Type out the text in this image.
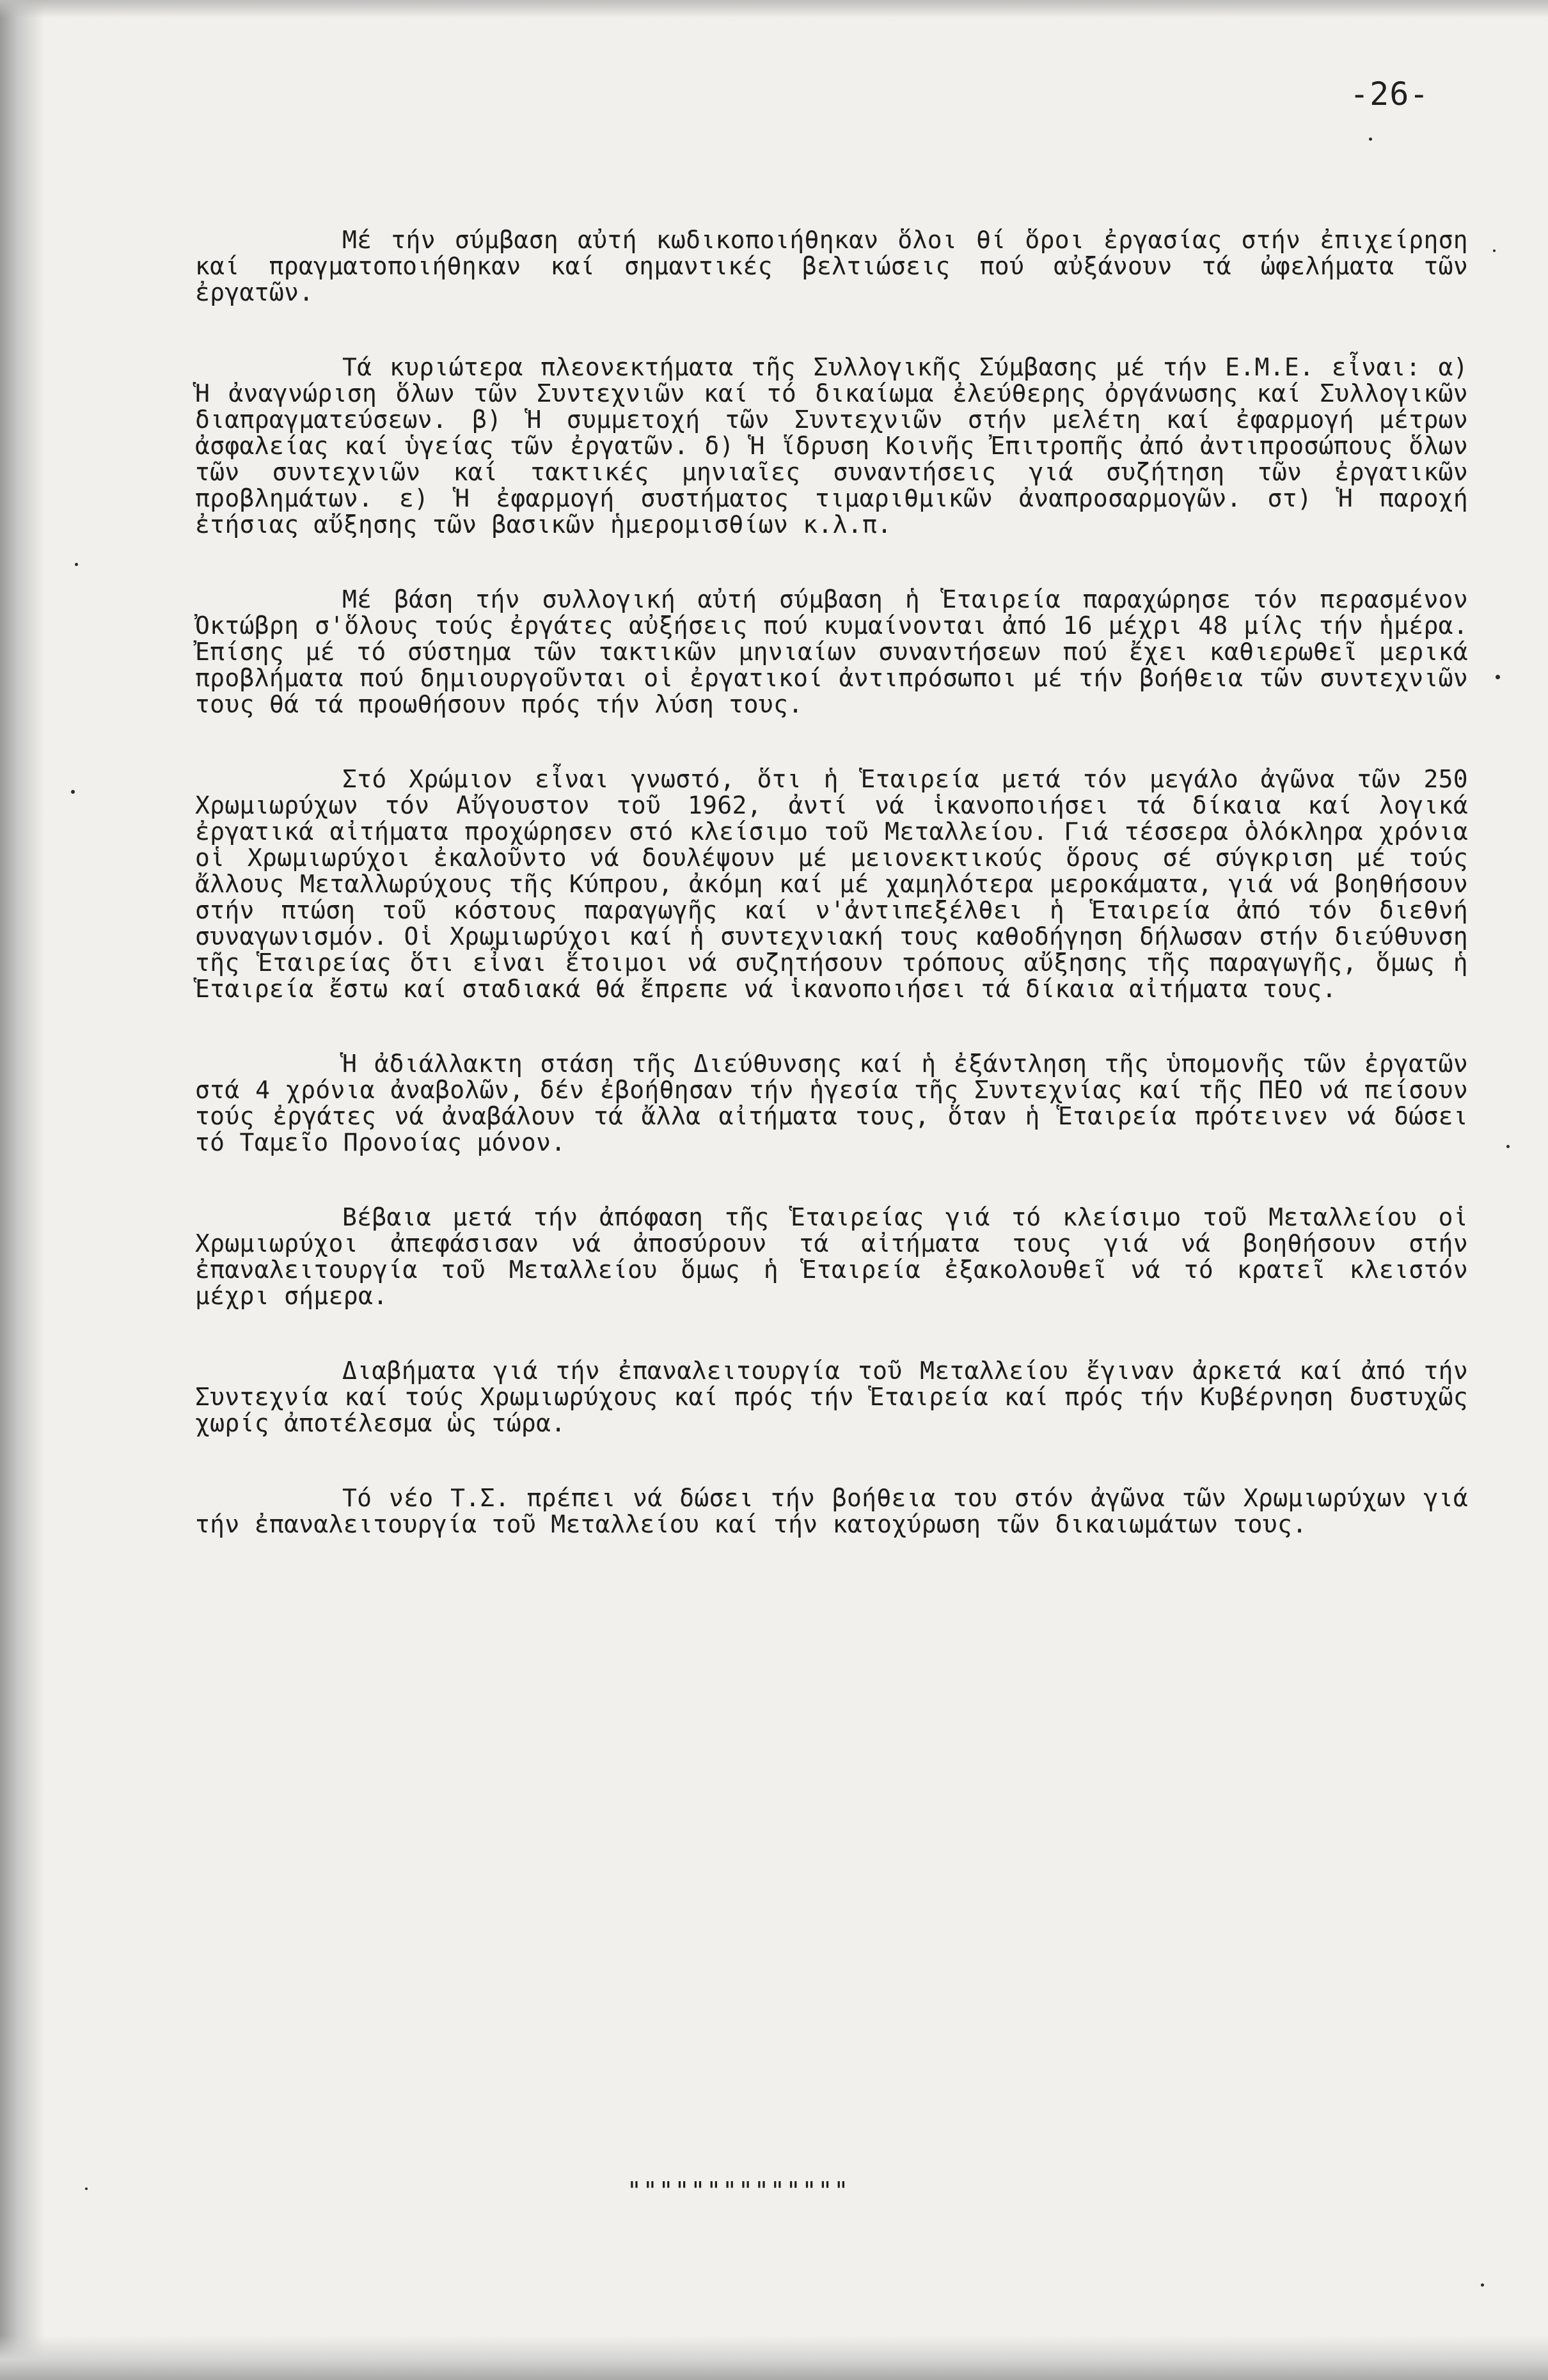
-26-

Μέ τήν σύμβαση αὐτή κωδικοποιήθηκαν ὅλοι θί ὅροι ἐργασίας στήν ἐπιχείρηση καί πραγματοποιήθηκαν καί σημαντικές βελτιώσεις πού αὐξάνουν τά ὠφελήματα τῶν ἐργατῶν.

Τά κυριώτερα πλεονεκτήματα τῆς Συλλογικῆς Σύμβασης μέ τήν Ε.Μ.Ε. εἶναι: α) Ἡ ἀναγνώριση ὅλων τῶν Συντεχνιῶν καί τό δικαίωμα ἐλεύθερης ὀργάνωσης καί Συλλογικῶν διαπραγματεύσεων. β) Ἡ συμμετοχή τῶν Συντεχνιῶν στήν μελέτη καί ἐφαρμογή μέτρων ἀσφαλείας καί ὑγείας τῶν ἐργατῶν. δ) Ἡ ἵδρυση Κοινῆς Ἐπιτροπῆς ἀπό ἀντιπροσώπους ὅλων τῶν συντεχνιῶν καί τακτικές μηνιαῖες συναντήσεις γιά συζήτηση τῶν ἐργατικῶν προβλημάτων. ε) Ἡ ἐφαρμογή συστήματος τιμαριθμικῶν ἀναπροσαρμογῶν. στ) Ἡ παροχή ἐτήσιας αὔξησης τῶν βασικῶν ἡμερομισθίων κ.λ.π.

Μέ βάση τήν συλλογική αὐτή σύμβαση ἡ Ἑταιρεία παραχώρησε τόν περασμένον Ὀκτώβρη σ'ὅλους τούς ἐργάτες αὐξήσεις πού κυμαίνονται ἀπό 16 μέχρι 48 μίλς τήν ἡμέρα. Ἐπίσης μέ τό σύστημα τῶν τακτικῶν μηνιαίων συναντήσεων πού ἔχει καθιερωθεῖ μερικά προβλήματα πού δημιουργοῦνται οἱ ἐργατικοί ἀντιπρόσωποι μέ τήν βοήθεια τῶν συντεχνιῶν τους θά τά προωθήσουν πρός τήν λύση τους.

Στό Χρώμιον εἶναι γνωστό, ὅτι ἡ Ἑταιρεία μετά τόν μεγάλο ἀγῶνα τῶν 250 Χρωμιωρύχων τόν Αὔγουστον τοῦ 1962, ἀντί νά ἱκανοποιήσει τά δίκαια καί λογικά ἐργατικά αἰτήματα προχώρησεν στό κλείσιμο τοῦ Μεταλλείου. Γιά τέσσερα ὁλόκληρα χρόνια οἱ Χρωμιωρύχοι ἐκαλοῦντο νά δουλέψουν μέ μειονεκτικούς ὅρους σέ σύγκριση μέ τούς ἄλλους Μεταλλωρύχους τῆς Κύπρου, ἀκόμη καί μέ χαμηλότερα μεροκάματα, γιά νά βοηθήσουν στήν πτώση τοῦ κόστους παραγωγῆς καί ν'ἀντιπεξέλθει ἡ Ἑταιρεία ἀπό τόν διεθνή συναγωνισμόν. Οἱ Χρωμιωρύχοι καί ἡ συντεχνιακή τους καθοδήγηση δήλωσαν στήν διεύθυνση τῆς Ἑταιρείας ὅτι εἶναι ἕτοιμοι νά συζητήσουν τρόπους αὔξησης τῆς παραγωγῆς, ὅμως ἡ Ἑταιρεία ἔστω καί σταδιακά θά ἔπρεπε νά ἱκανοποιήσει τά δίκαια αἰτήματα τους.

Ἡ ἀδιάλλακτη στάση τῆς Διεύθυνσης καί ἡ ἐξάντληση τῆς ὑπομονῆς τῶν ἐργατῶν στά 4 χρόνια ἀναβολῶν, δέν ἐβοήθησαν τήν ἡγεσία τῆς Συντεχνίας καί τῆς ΠΕΟ νά πείσουν τούς ἐργάτες νά ἀναβάλουν τά ἄλλα αἰτήματα τους, ὅταν ἡ Ἑταιρεία πρότεινεν νά δώσει τό Ταμεῖο Προνοίας μόνον.

Βέβαια μετά τήν ἀπόφαση τῆς Ἑταιρείας γιά τό κλείσιμο τοῦ Μεταλλείου οἱ Χρωμιωρύχοι ἀπεφάσισαν νά ἀποσύρουν τά αἰτήματα τους γιά νά βοηθήσουν στήν ἐπαναλειτουργία τοῦ Μεταλλείου ὅμως ἡ Ἑταιρεία ἐξακολουθεῖ νά τό κρατεῖ κλειστόν μέχρι σήμερα.

Διαβήματα γιά τήν ἐπαναλειτουργία τοῦ Μεταλλείου ἔγιναν ἀρκετά καί ἀπό τήν Συντεχνία καί τούς Χρωμιωρύχους καί πρός τήν Ἑταιρεία καί πρός τήν Κυβέρνηση δυστυχῶς χωρίς ἀποτέλεσμα ὡς τώρα.

Τό νέο Τ.Σ. πρέπει νά δώσει τήν βοήθεια του στόν ἀγῶνα τῶν Χρωμιωρύχων γιά τήν ἐπαναλειτουργία τοῦ Μεταλλείου καί τήν κατοχύρωση τῶν δικαιωμάτων τους.

""""""""""""""
